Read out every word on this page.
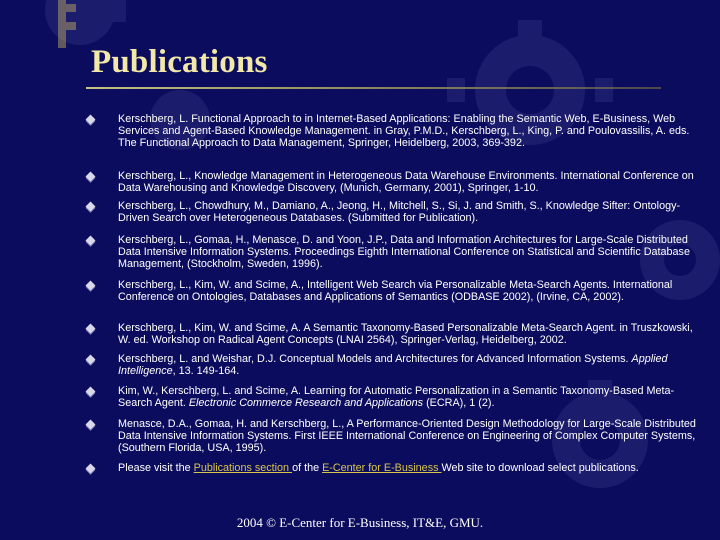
Publications
Kerschberg, L. Functional Approach to in Internet-Based Applications: Enabling the Semantic Web, E-Business, Web Services and Agent-Based Knowledge Management. in Gray, P.M.D., Kerschberg, L., King, P. and Poulovassilis, A. eds. The Functional Approach to Data Management, Springer, Heidelberg, 2003, 369-392.
Kerschberg, L., Knowledge Management in Heterogeneous Data Warehouse Environments. International Conference on Data Warehousing and Knowledge Discovery, (Munich, Germany, 2001), Springer, 1-10.
Kerschberg, L., Chowdhury, M., Damiano, A., Jeong, H., Mitchell, S., Si, J. and Smith, S., Knowledge Sifter: Ontology-Driven Search over Heterogeneous Databases. (Submitted for Publication).
Kerschberg, L., Gomaa, H., Menasce, D. and Yoon, J.P., Data and Information Architectures for Large-Scale Distributed Data Intensive Information Systems. Proceedings Eighth International Conference on Statistical and Scientific Database Management, (Stockholm, Sweden, 1996).
Kerschberg, L., Kim, W. and Scime, A., Intelligent Web Search via Personalizable Meta-Search Agents. International Conference on Ontologies, Databases and Applications of Semantics (ODBASE 2002), (Irvine, CA, 2002).
Kerschberg, L., Kim, W. and Scime, A. A Semantic Taxonomy-Based Personalizable Meta-Search Agent. in Truszkowski, W. ed. Workshop on Radical Agent Concepts (LNAI 2564), Springer-Verlag, Heidelberg, 2002.
Kerschberg, L. and Weishar, D.J. Conceptual Models and Architectures for Advanced Information Systems. Applied Intelligence, 13. 149-164.
Kim, W., Kerschberg, L. and Scime, A. Learning for Automatic Personalization in a Semantic Taxonomy-Based Meta-Search Agent. Electronic Commerce Research and Applications (ECRA), 1 (2).
Menasce, D.A., Gomaa, H. and Kerschberg, L., A Performance-Oriented Design Methodology for Large-Scale Distributed Data Intensive Information Systems. First IEEE International Conference on Engineering of Complex Computer Systems, (Southern Florida, USA, 1995).
Please visit the Publications section of the E-Center for E-Business Web site to download select publications.
2004 © E-Center for E-Business, IT&E, GMU.
